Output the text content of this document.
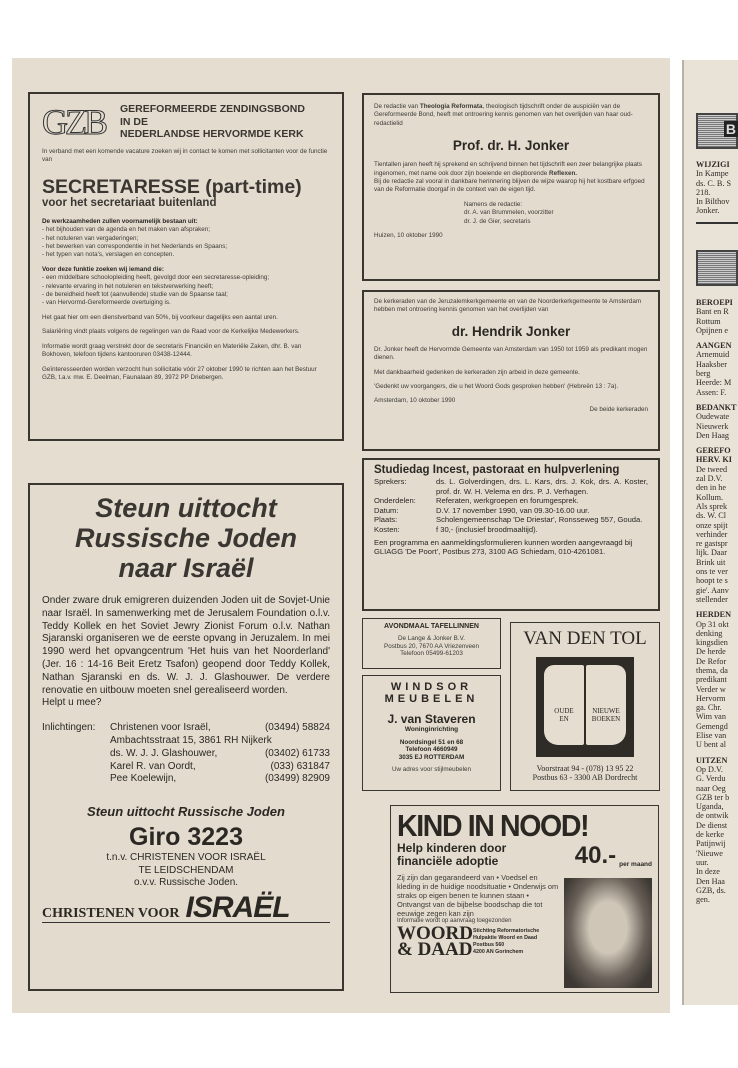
GZB	GEREFORMEERDE ZENDINGSBOND
IN DE
NEDERLANDSE HERVORMDE KERK
In verband met een komende vacature zoeken wij in contact te komen met sollicitanten voor de functie van
SECRETARESSE (part-time)
voor het secretariaat buitenland
De werkzaamheden zullen voornamelijk bestaan uit:
- het bijhouden van de agenda en het maken van afspraken;
- het notuleren van vergaderingen;
- het bewerken van correspondentie in het Nederlands en Spaans;
- het typen van nota's, verslagen en concepten.
Voor deze funktie zoeken wij iemand die:
- een middelbare schoolopleiding heeft, gevolgd door een secretaresse-opleiding;
- relevante ervaring in het notuleren en tekstverwerking heeft;
- de bereidheid heeft tot (aanvullende) studie van de Spaanse taal;
- van Hervormd-Gereformeerde overtuiging is.
Het gaat hier om een dienstverband van 50%, bij voorkeur dagelijks een aantal uren.
Salariëring vindt plaats volgens de regelingen van de Raad voor de Kerkelijke Medewerkers.
Informatie wordt graag verstrekt door de secretaris Financiën en Materiële Zaken, dhr. B. van Bokhoven, telefoon tijdens kantooruren 03438-12444.
Geïnteresseerden worden verzocht hun sollicitatie vóór 27 oktober 1990 te richten aan het Bestuur GZB, t.a.v. mw. E. Deelman, Faunalaan 89, 3972 PP Driebergen.
De redactie van Theologia Reformata, theologisch tijdschrift onder de auspiciën van de Gereformeerde Bond, heeft met ontroering kennis genomen van het overlijden van haar oud-redactielid
Prof. dr. H. Jonker
Tientallen jaren heeft hij sprekend en schrijvend binnen het tijdschrift een zeer belangrijke plaats ingenomen, met name ook door zijn boeiende en diepborende Reflexen.
Bij de redactie zal vooral in dankbare herinnering blijven de wijze waarop hij het kostbare erfgoed van de Reformatie doorgaf in de context van de eigen tijd.
Namens de redactie:
dr. A. van Brummelen, voorzitter
dr. J. de Gier, secretaris
Huizen, 10 oktober 1990
De kerkeraden van de Jeruzalemkerkgemeente en van de Noorderkerkgemeente te Amsterdam hebben met ontroering kennis genomen van het overlijden van
dr. Hendrik Jonker
Dr. Jonker heeft de Hervormde Gemeente van Amsterdam van 1950 tot 1959 als predikant mogen dienen.
Met dankbaarheid gedenken de kerkeraden zijn arbeid in deze gemeente.
'Gedenkt uw voorgangers, die u het Woord Gods gesproken hebben' (Hebreën 13 : 7a).
Amsterdam, 10 oktober 1990
De beide kerkeraden
Studiedag Incest, pastoraat en hulpverlening
Sprekers:	ds. L. Golverdingen, drs. L. Kars, drs. J. Kok, drs. A. Koster, prof. dr. W. H. Velema en drs. P. J. Verhagen.
Onderdelen:	Referaten, werkgroepen en forumgesprek.
Datum:	D.V. 17 november 1990, van 09.30-16.00 uur.
Plaats:	Scholengemeenschap 'De Driestar', Ronsseweg 557, Gouda.
Kosten:	f 30,- (inclusief broodmaaltijd).
Een programma en aanmeldingsformulieren kunnen worden aangevraagd bij GLIAGG 'De Poort', Postbus 273, 3100 AG Schiedam, 010-4261081.
Steun uittocht
Russische Joden
naar Israël
Onder zware druk emigreren duizenden Joden uit de Sovjet-Unie naar Israël. In samenwerking met de Jerusalem Foundation o.l.v. Teddy Kollek en het Soviet Jewry Zionist Forum o.l.v. Nathan Sjaranski organiseren we de eerste opvang in Jeruzalem. In mei 1990 werd het opvangcentrum 'Het huis van het Noorderland' (Jer. 16 : 14-16 Beit Eretz Tsafon) geopend door Teddy Kollek, Nathan Sjaranski en ds. W. J. J. Glashouwer. De verdere renovatie en uitbouw moeten snel gerealiseerd worden.
Helpt u mee?
Inlichtingen:	Christenen voor Israël,	(03494) 58824
Ambachtsstraat 15, 3861 RH Nijkerk
ds. W. J. J. Glashouwer,	(03402) 61733
Karel R. van Oordt,	(033) 631847
Pee Koelewijn,	(03499) 82909
Steun uittocht Russische Joden
Giro 3223
t.n.v. CHRISTENEN VOOR ISRAËL
TE LEIDSCHENDAM
o.v.v. Russische Joden.
CHRISTENEN VOOR ISRAËL
AVONDMAAL TAFELLINNEN
De Lange & Jonker B.V.
Postbus 20, 7670 AA Vriezenveen
Telefoon 05499-61203
WINDSOR
MEUBELEN
J. van Staveren
Woninginrichting
Noordsingel 51 en 68
Telefoon 4660949
3035 EJ ROTTERDAM
Uw adres voor stijlmeubelen
VAN DEN TOL
OUDE
EN
NIEUWE
BOEKEN
Voorstraat 94 - (078) 13 95 22
Postbus 63 - 3300 AB Dordrecht
KIND IN NOOD!
Help kinderen door
financiële adoptie	40.- per maand
Zij zijn dan gegarandeerd van • Voedsel en kleding in de huidige noodsituatie • Onderwijs om straks op eigen benen te kunnen staan • Ontvangst van de bijbelse boodschap die tot eeuwige zegen kan zijn
Informatie wordt op aanvraag toegezonden
WOORD
& DAAD
Stichting Reformatorische
Hulpaktie Woord en Daad
Postbus 560
4200 AN Gorinchem
B
WIJZIGI
In Kampe
ds. C. B. S
218.
In Bilthov
Jonker.
BEROEPI
Bant en R
Rottum
Opijnen e
AANGEN
Arnemuid
Haaksber
berg
Heerde: M
Assen: F.
BEDANKT
Oudewate
Nieuwerk
Den Haag
GEREFO
HERV. KI
De tweed
zal D.V.
den in he
Kollum.
Als sprek
ds. W. Cl
onze spijt
verhinder
re gastspr
lijk. Daar
Brink uit
ons te ver
hoopt te s
gie'. Aanv
stellender
HERDEN
Op 31 okt
denking
kingsdien
De herde
De Refor
thema, da
predikant
Verder w
Hervorm
ga. Chr.
Wim van
Gemengd
Elise van
U bent al
UITZEN
Op D.V.
G. Verdu
naar Oeg
GZB ter b
Uganda,
de ontwik
De dienst
de kerke
Patijnwij
'Nieuwe
uur.
In deze
Den Haa
GZB, ds.
gen.
